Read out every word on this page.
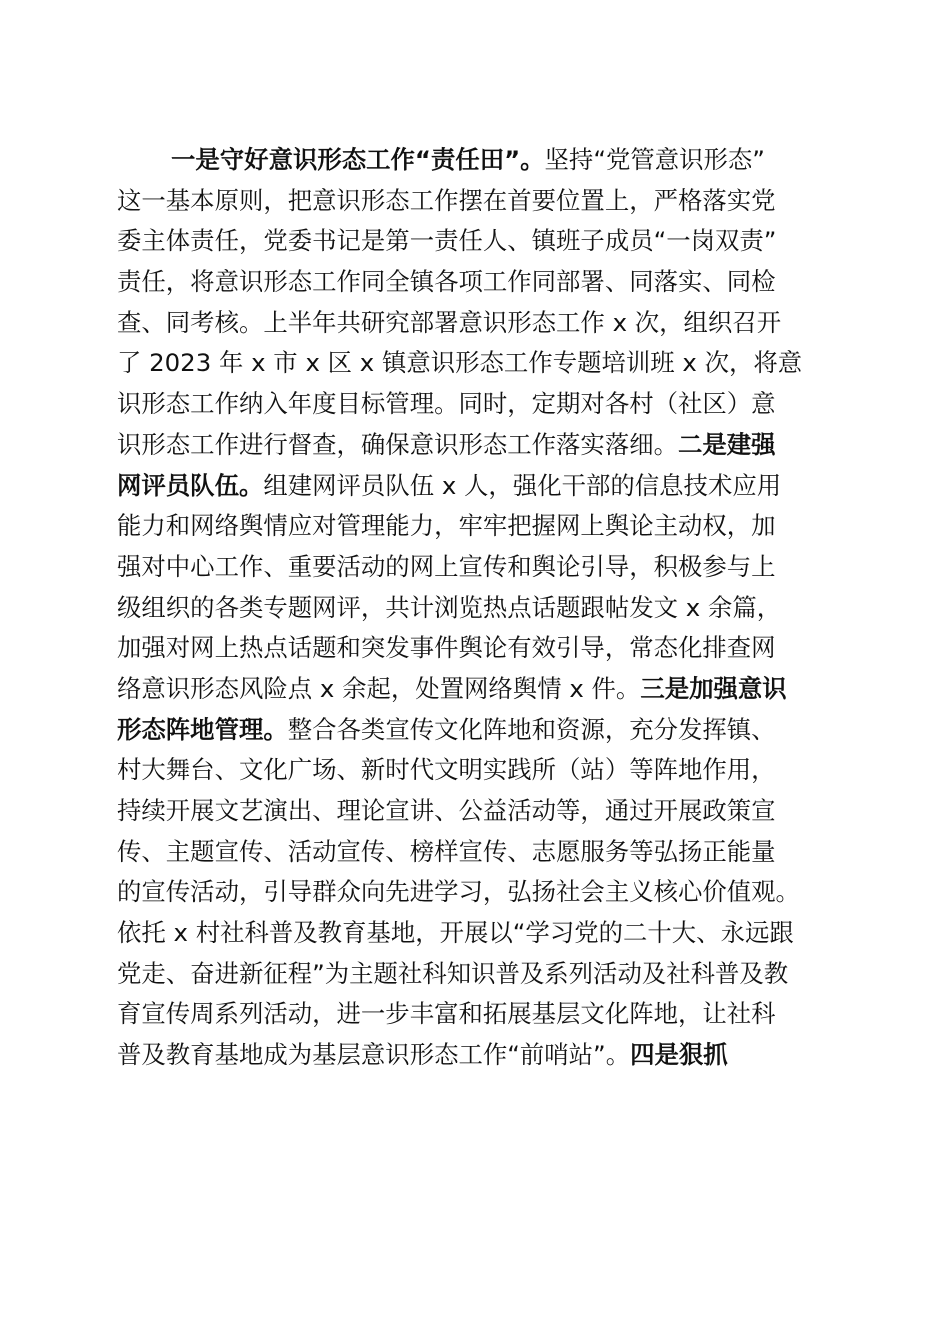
一是守好意识形态工作“责任田”。坚持“党管意识形态”
这一基本原则，把意识形态工作摆在首要位置上，严格落实党
委主体责任，党委书记是第一责任人、镇班子成员“一岗双责”
责任，将意识形态工作同全镇各项工作同部署、同落实、同检
查、同考核。上半年共研究部署意识形态工作 x 次，组织召开
了 2023 年 x 市 x 区 x 镇意识形态工作专题培训班 x 次，将意
识形态工作纳入年度目标管理。同时，定期对各村（社区）意
识形态工作进行督查，确保意识形态工作落实落细。二是建强
网评员队伍。组建网评员队伍 x 人，强化干部的信息技术应用
能力和网络舆情应对管理能力，牢牢把握网上舆论主动权，加
强对中心工作、重要活动的网上宣传和舆论引导，积极参与上
级组织的各类专题网评，共计浏览热点话题跟帖发文 x 余篇，
加强对网上热点话题和突发事件舆论有效引导，常态化排查网
络意识形态风险点 x 余起，处置网络舆情 x 件。三是加强意识
形态阵地管理。整合各类宣传文化阵地和资源，充分发挥镇、
村大舞台、文化广场、新时代文明实践所（站）等阵地作用，
持续开展文艺演出、理论宣讲、公益活动等，通过开展政策宣
传、主题宣传、活动宣传、榜样宣传、志愿服务等弘扬正能量
的宣传活动，引导群众向先进学习，弘扬社会主义核心价值观。
依托 x 村社科普及教育基地，开展以“学习党的二十大、永远跟
党走、奋进新征程”为主题社科知识普及系列活动及社科普及教
育宣传周系列活动，进一步丰富和拓展基层文化阵地，让社科
普及教育基地成为基层意识形态工作“前哨站”。四是狠抓
